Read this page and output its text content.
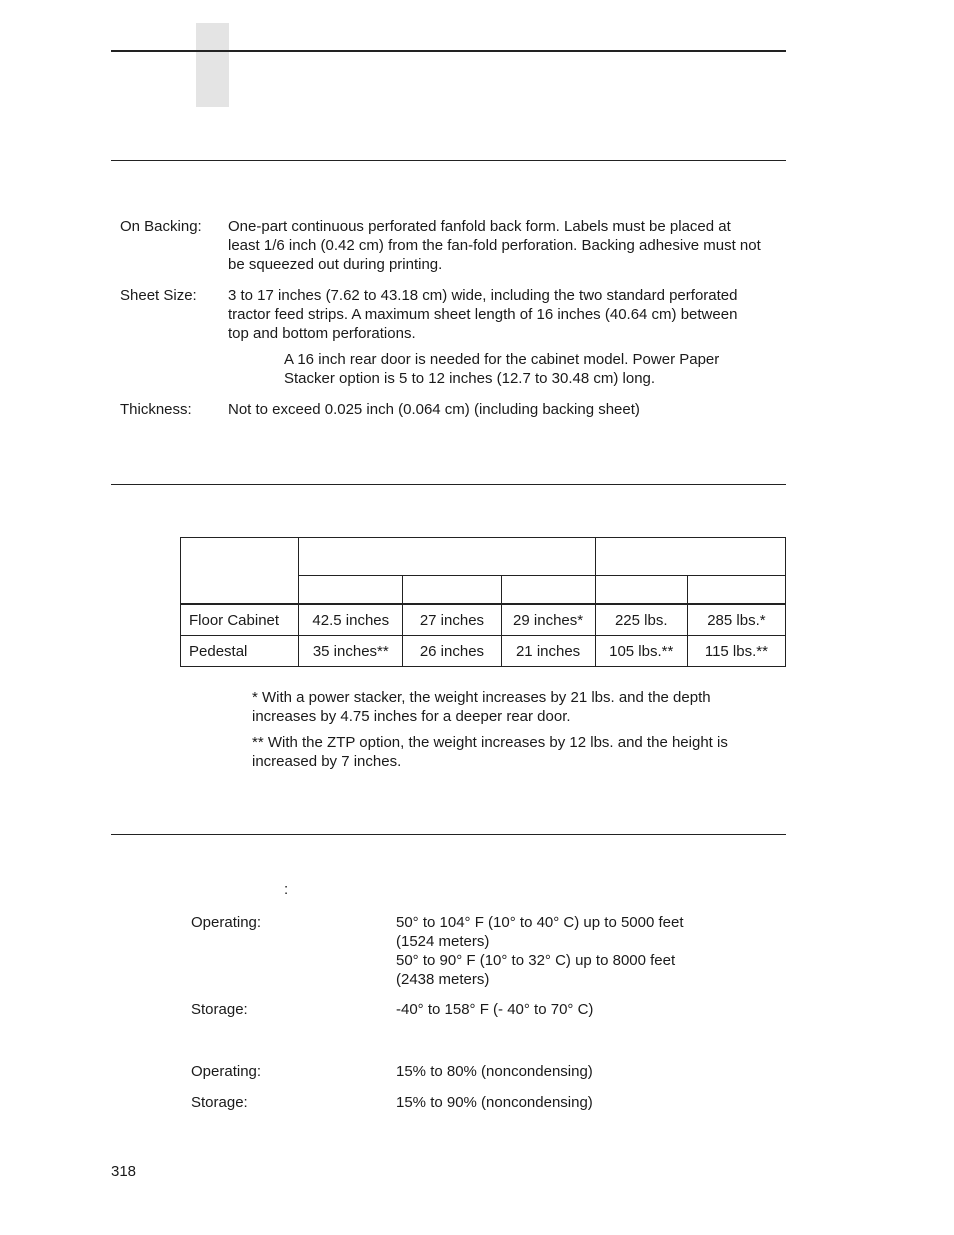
On Backing: One-part continuous perforated fanfold back form. Labels must be placed at
least 1/6 inch (0.42 cm) from the fan-fold perforation. Backing adhesive must not
be squeezed out during printing.
Sheet Size: 3 to 17 inches (7.62 to 43.18 cm) wide, including the two standard perforated
tractor feed strips. A maximum sheet length of 16 inches (40.64 cm) between
top and bottom perforations.
A 16 inch rear door is needed for the cabinet model. Power Paper
Stacker option is 5 to 12 inches (12.7 to 30.48 cm) long.
Thickness: Not to exceed 0.025 inch (0.064 cm) (including backing sheet)

Floor Cabinet	42.5 inches	27 inches	29 inches*	225 lbs.	285 lbs.*
Pedestal	35 inches**	26 inches	21 inches	105 lbs.**	115 lbs.**
* With a power stacker, the weight increases by 21 lbs. and the depth
increases by 4.75 inches for a deeper rear door.
** With the ZTP option, the weight increases by 12 lbs. and the height is
increased by 7 inches.
:
Operating:	50° to 104° F (10° to 40° C) up to 5000 feet
(1524 meters)
50° to 90° F (10° to 32° C) up to 8000 feet
(2438 meters)
Storage:	-40° to 158° F (- 40° to 70° C)
Operating:	15% to 80% (noncondensing)
Storage:	15% to 90% (noncondensing)
318
